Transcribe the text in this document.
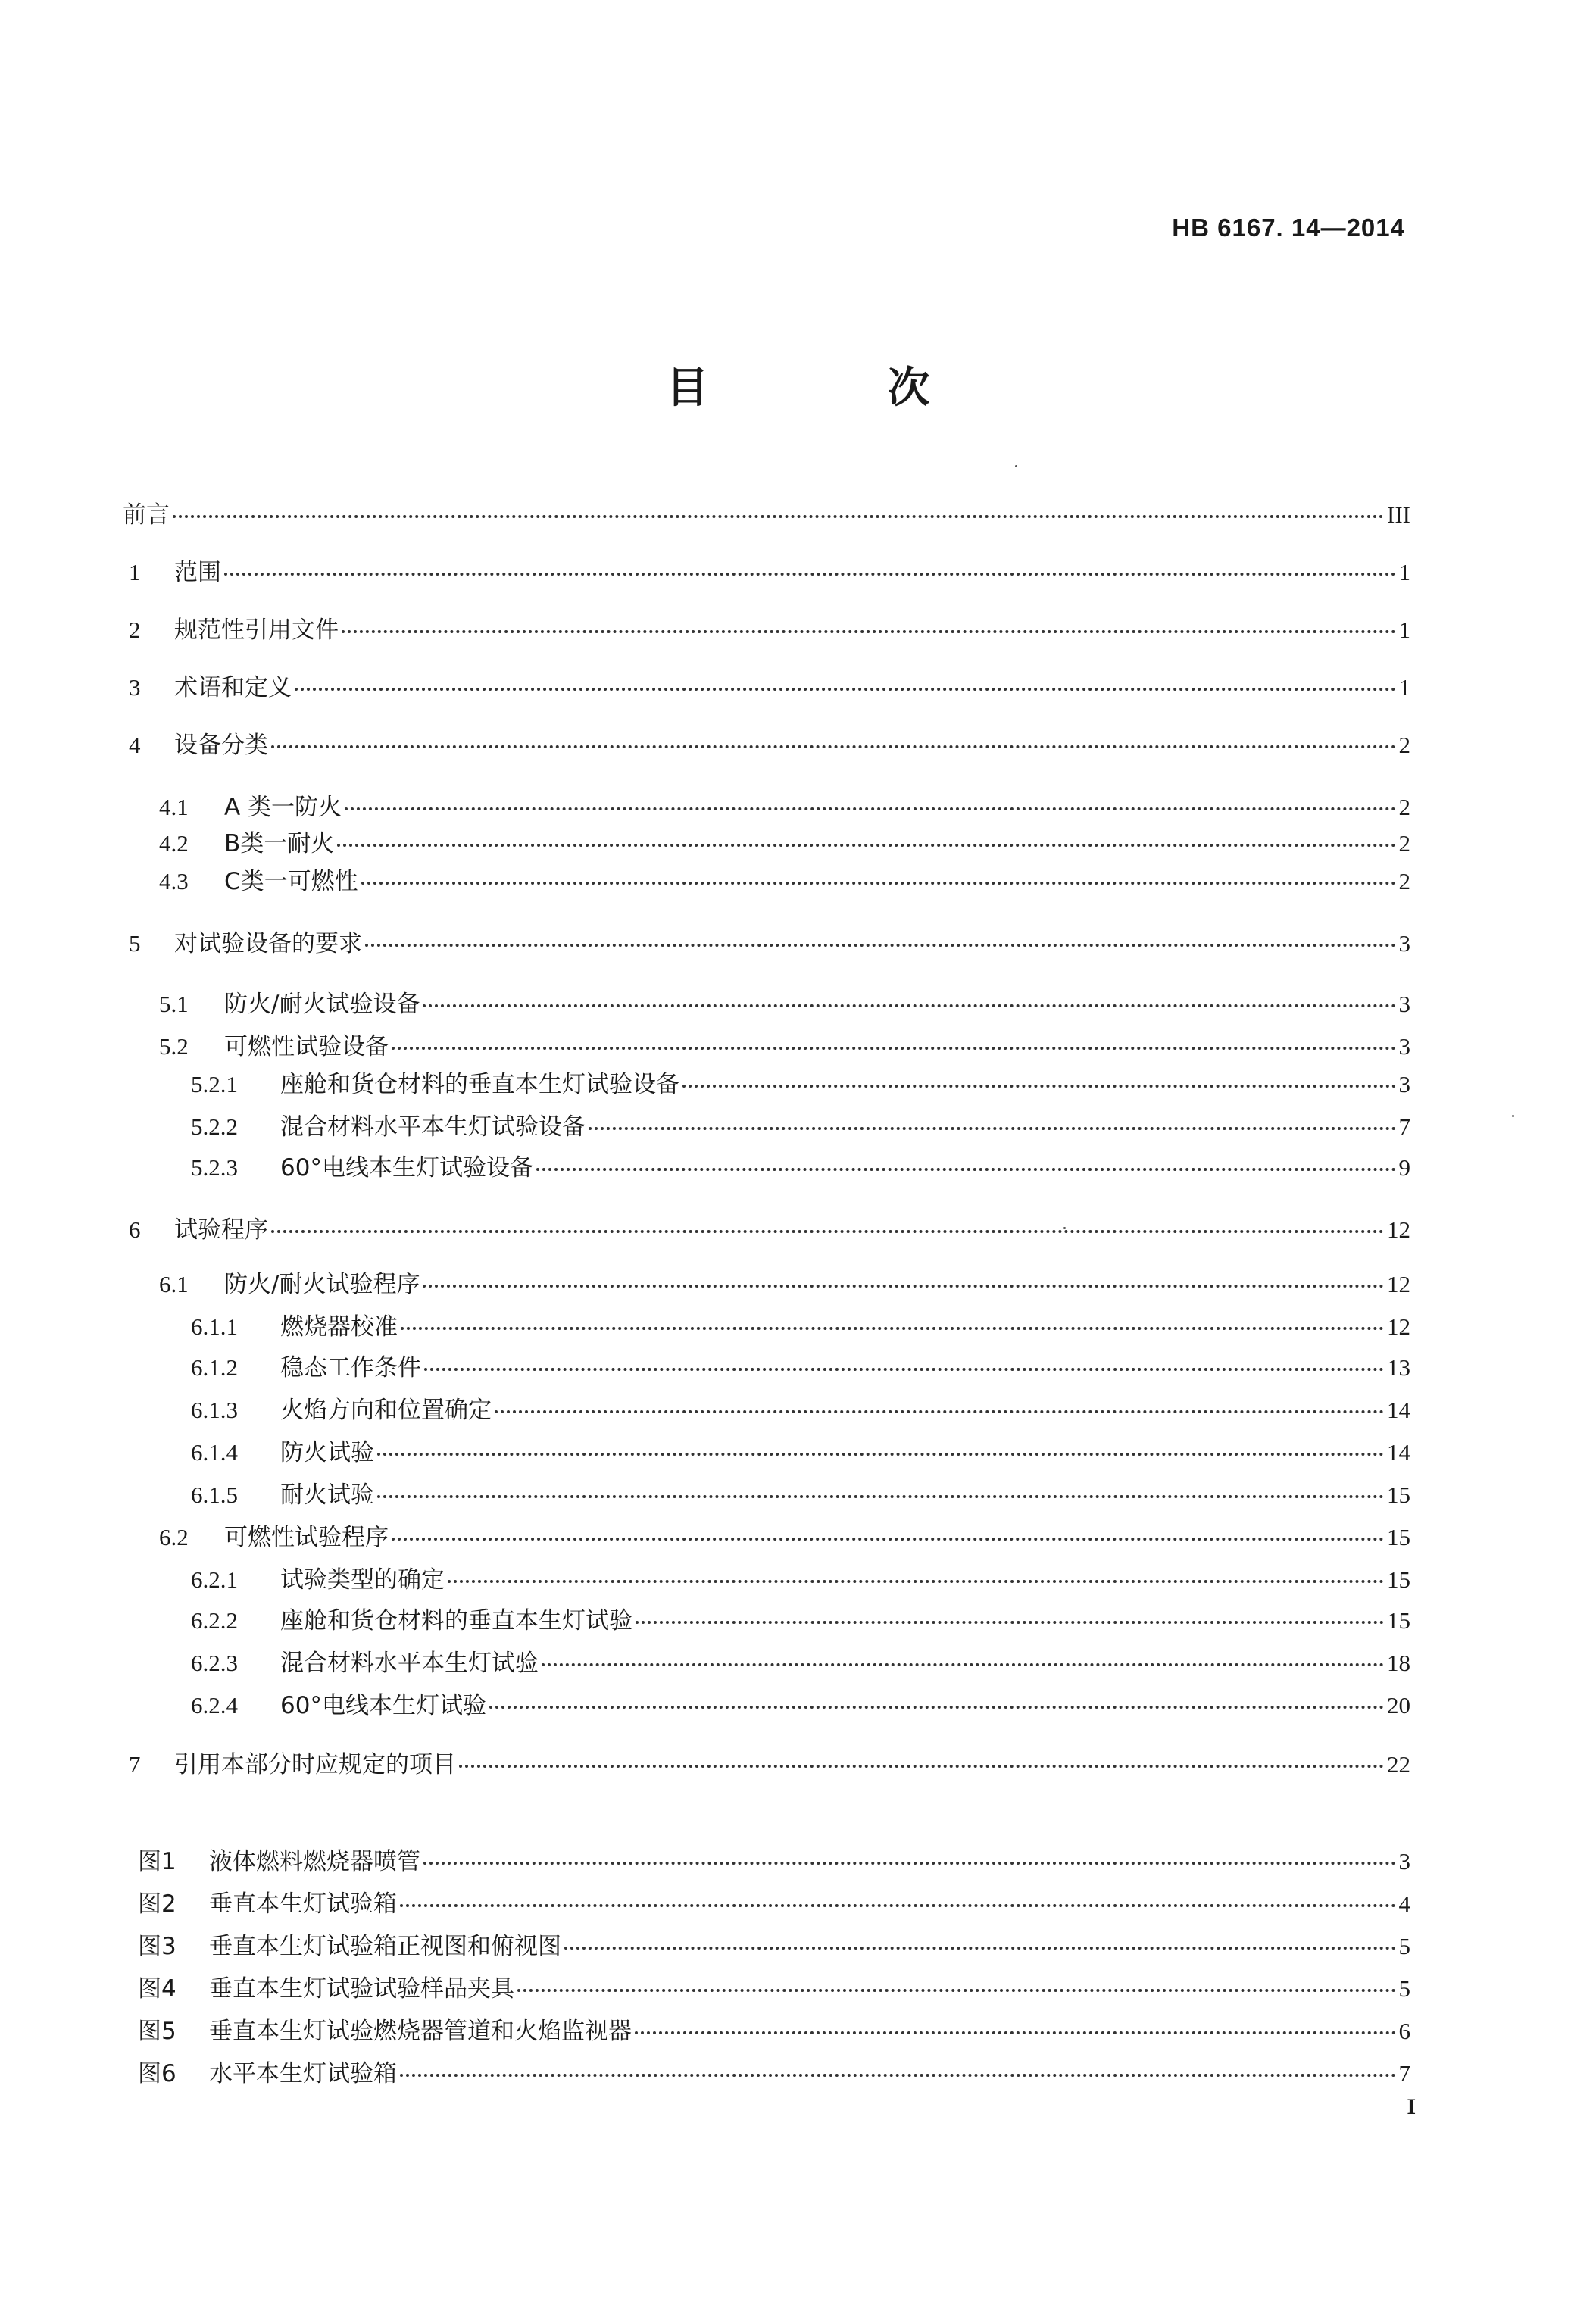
HB 6167. 14—2014
目　次
前言	III
1	范围	1
2	规范性引用文件	1
3	术语和定义	1
4	设备分类	2
4.1	A 类一防火	2
4.2	B类一耐火	2
4.3	C类一可燃性	2
5	对试验设备的要求	3
5.1	防火/耐火试验设备	3
5.2	可燃性试验设备	3
5.2.1	座舱和货仓材料的垂直本生灯试验设备	3
5.2.2	混合材料水平本生灯试验设备	7
5.2.3	60°电线本生灯试验设备	9
6	试验程序	12
6.1	防火/耐火试验程序	12
6.1.1	燃烧器校准	12
6.1.2	稳态工作条件	13
6.1.3	火焰方向和位置确定	14
6.1.4	防火试验	14
6.1.5	耐火试验	15
6.2	可燃性试验程序	15
6.2.1	试验类型的确定	15
6.2.2	座舱和货仓材料的垂直本生灯试验	15
6.2.3	混合材料水平本生灯试验	18
6.2.4	60°电线本生灯试验	20
7	引用本部分时应规定的项目	22
图1	液体燃料燃烧器喷管	3
图2	垂直本生灯试验箱	4
图3	垂直本生灯试验箱正视图和俯视图	5
图4	垂直本生灯试验试验样品夹具	5
图5	垂直本生灯试验燃烧器管道和火焰监视器	6
图6	水平本生灯试验箱	7
I
